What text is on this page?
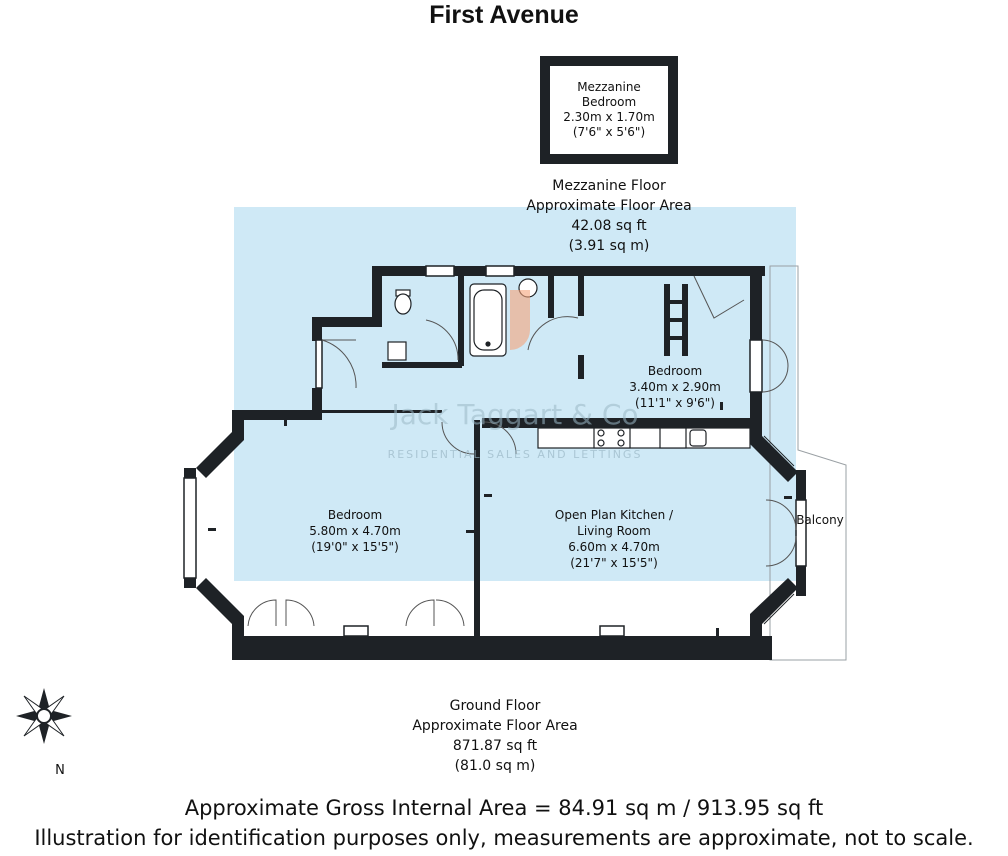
First Avenue
Jack Taggart & Co
RESIDENTIAL SALES AND LETTINGS
Mezzanine
Bedroom
2.30m x 1.70m
(7'6" x 5'6")
Mezzanine Floor
Approximate Floor Area
42.08 sq ft
(3.91 sq m)
Bedroom
3.40m x 2.90m
(11'1" x 9'6")
Bedroom
5.80m x 4.70m
(19'0" x 15'5")
Open Plan Kitchen /
Living Room
6.60m x 4.70m
(21'7" x 15'5")
Balcony
Ground Floor
Approximate Floor Area
871.87 sq ft
(81.0 sq m)
N
Approximate Gross Internal Area = 84.91 sq m / 913.95 sq ft
Illustration for identification purposes only, measurements are approximate, not to scale.
